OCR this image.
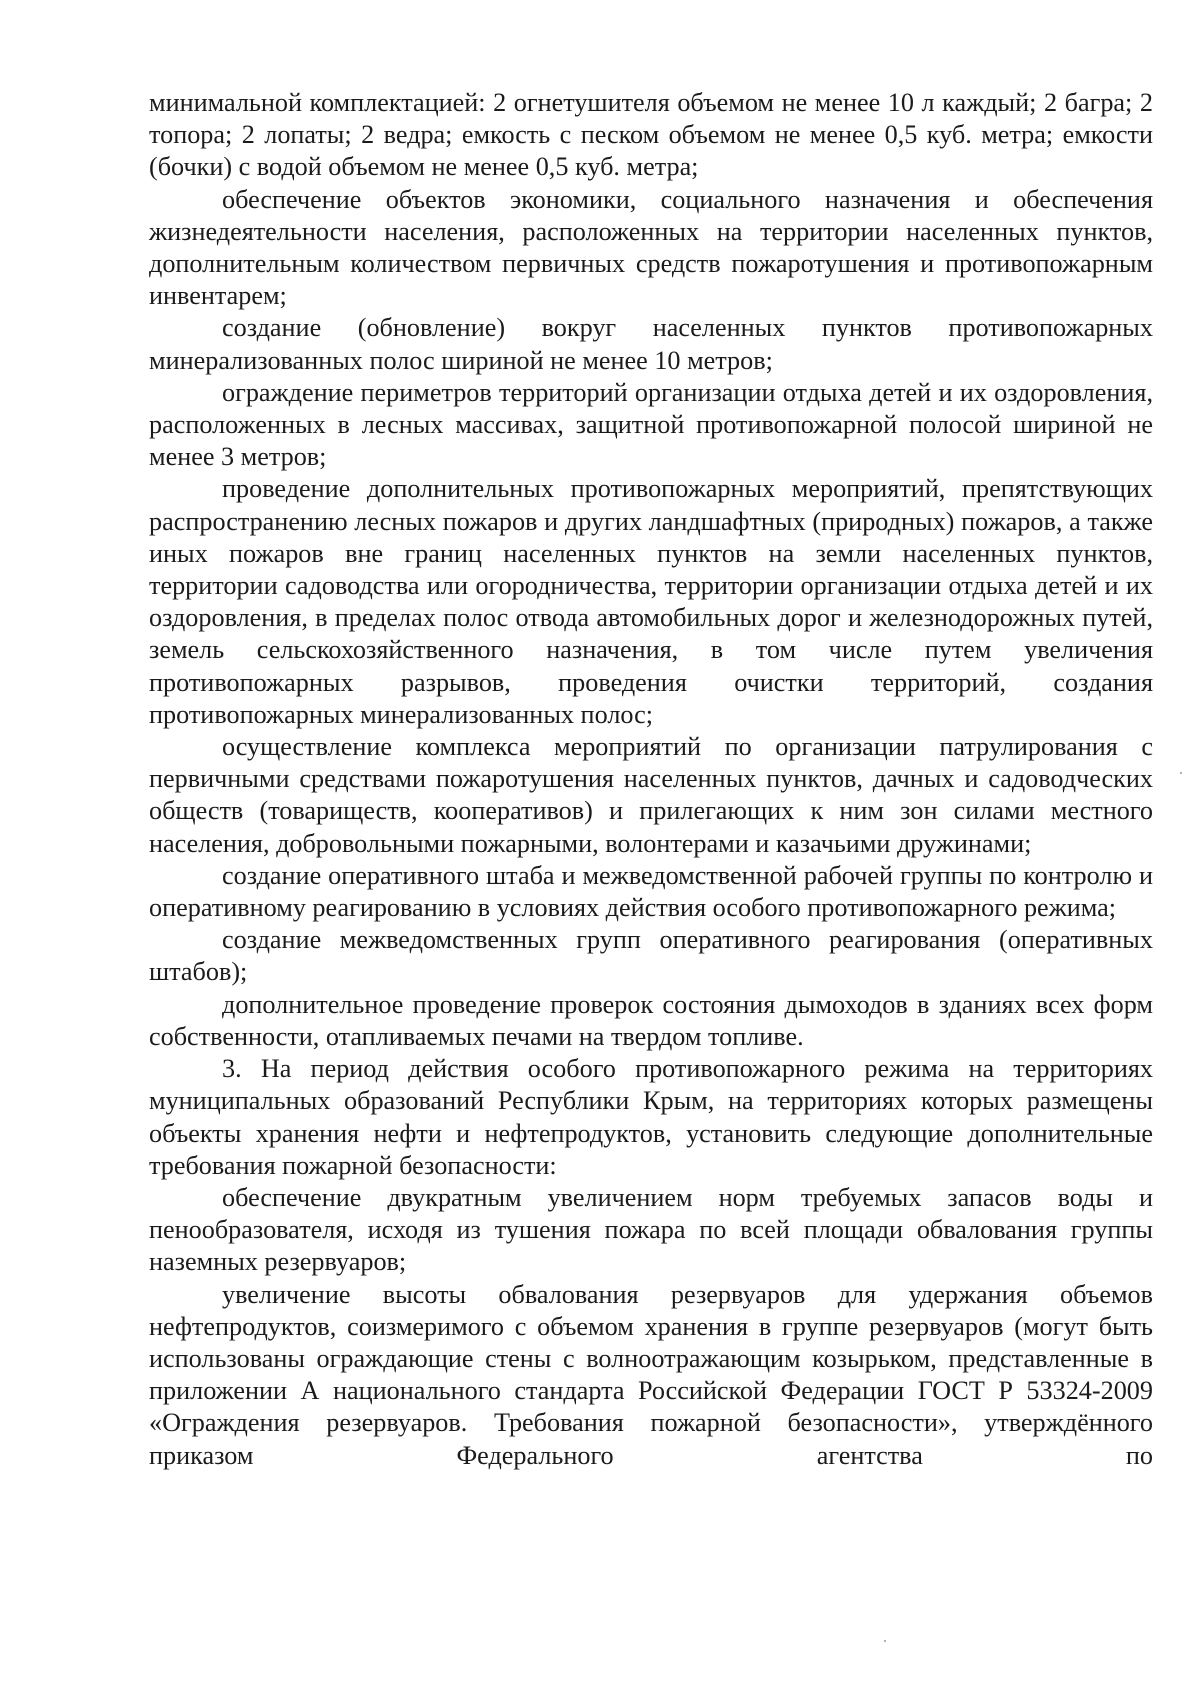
минимальной комплектацией: 2 огнетушителя объемом не менее 10 л каждый; 2 багра; 2 топора; 2 лопаты; 2 ведра; емкость с песком объемом не менее 0,5 куб. метра; емкости (бочки) с водой объемом не менее 0,5 куб. метра;

обеспечение объектов экономики, социального назначения и обеспечения жизнедеятельности населения, расположенных на территории населенных пунктов, дополнительным количеством первичных средств пожаротушения и противопожарным инвентарем;

создание (обновление) вокруг населенных пунктов противопожарных минерализованных полос шириной не менее 10 метров;

ограждение периметров территорий организации отдыха детей и их оздоровления, расположенных в лесных массивах, защитной противопожарной полосой шириной не менее 3 метров;

проведение дополнительных противопожарных мероприятий, препятствующих распространению лесных пожаров и других ландшафтных (природных) пожаров, а также иных пожаров вне границ населенных пунктов на земли населенных пунктов, территории садоводства или огородничества, территории организации отдыха детей и их оздоровления, в пределах полос отвода автомобильных дорог и железнодорожных путей, земель сельскохозяйственного назначения, в том числе путем увеличения противопожарных разрывов, проведения очистки территорий, создания противопожарных минерализованных полос;

осуществление комплекса мероприятий по организации патрулирования с первичными средствами пожаротушения населенных пунктов, дачных и садоводческих обществ (товариществ, кооперативов) и прилегающих к ним зон силами местного населения, добровольными пожарными, волонтерами и казачьими дружинами;

создание оперативного штаба и межведомственной рабочей группы по контролю и оперативному реагированию в условиях действия особого противопожарного режима;

создание межведомственных групп оперативного реагирования (оперативных штабов);

дополнительное проведение проверок состояния дымоходов в зданиях всех форм собственности, отапливаемых печами на твердом топливе.

3. На период действия особого противопожарного режима на территориях муниципальных образований Республики Крым, на территориях которых размещены объекты хранения нефти и нефтепродуктов, установить следующие дополнительные требования пожарной безопасности:

обеспечение двукратным увеличением норм требуемых запасов воды и пенообразователя, исходя из тушения пожара по всей площади обвалования группы наземных резервуаров;

увеличение высоты обвалования резервуаров для удержания объемов нефтепродуктов, соизмеримого с объемом хранения в группе резервуаров (могут быть использованы ограждающие стены с волноотражающим козырьком, представленные в приложении А национального стандарта Российской Федерации ГОСТ Р 53324-2009 «Ограждения резервуаров. Требования пожарной безопасности», утверждённого приказом Федерального агентства по
